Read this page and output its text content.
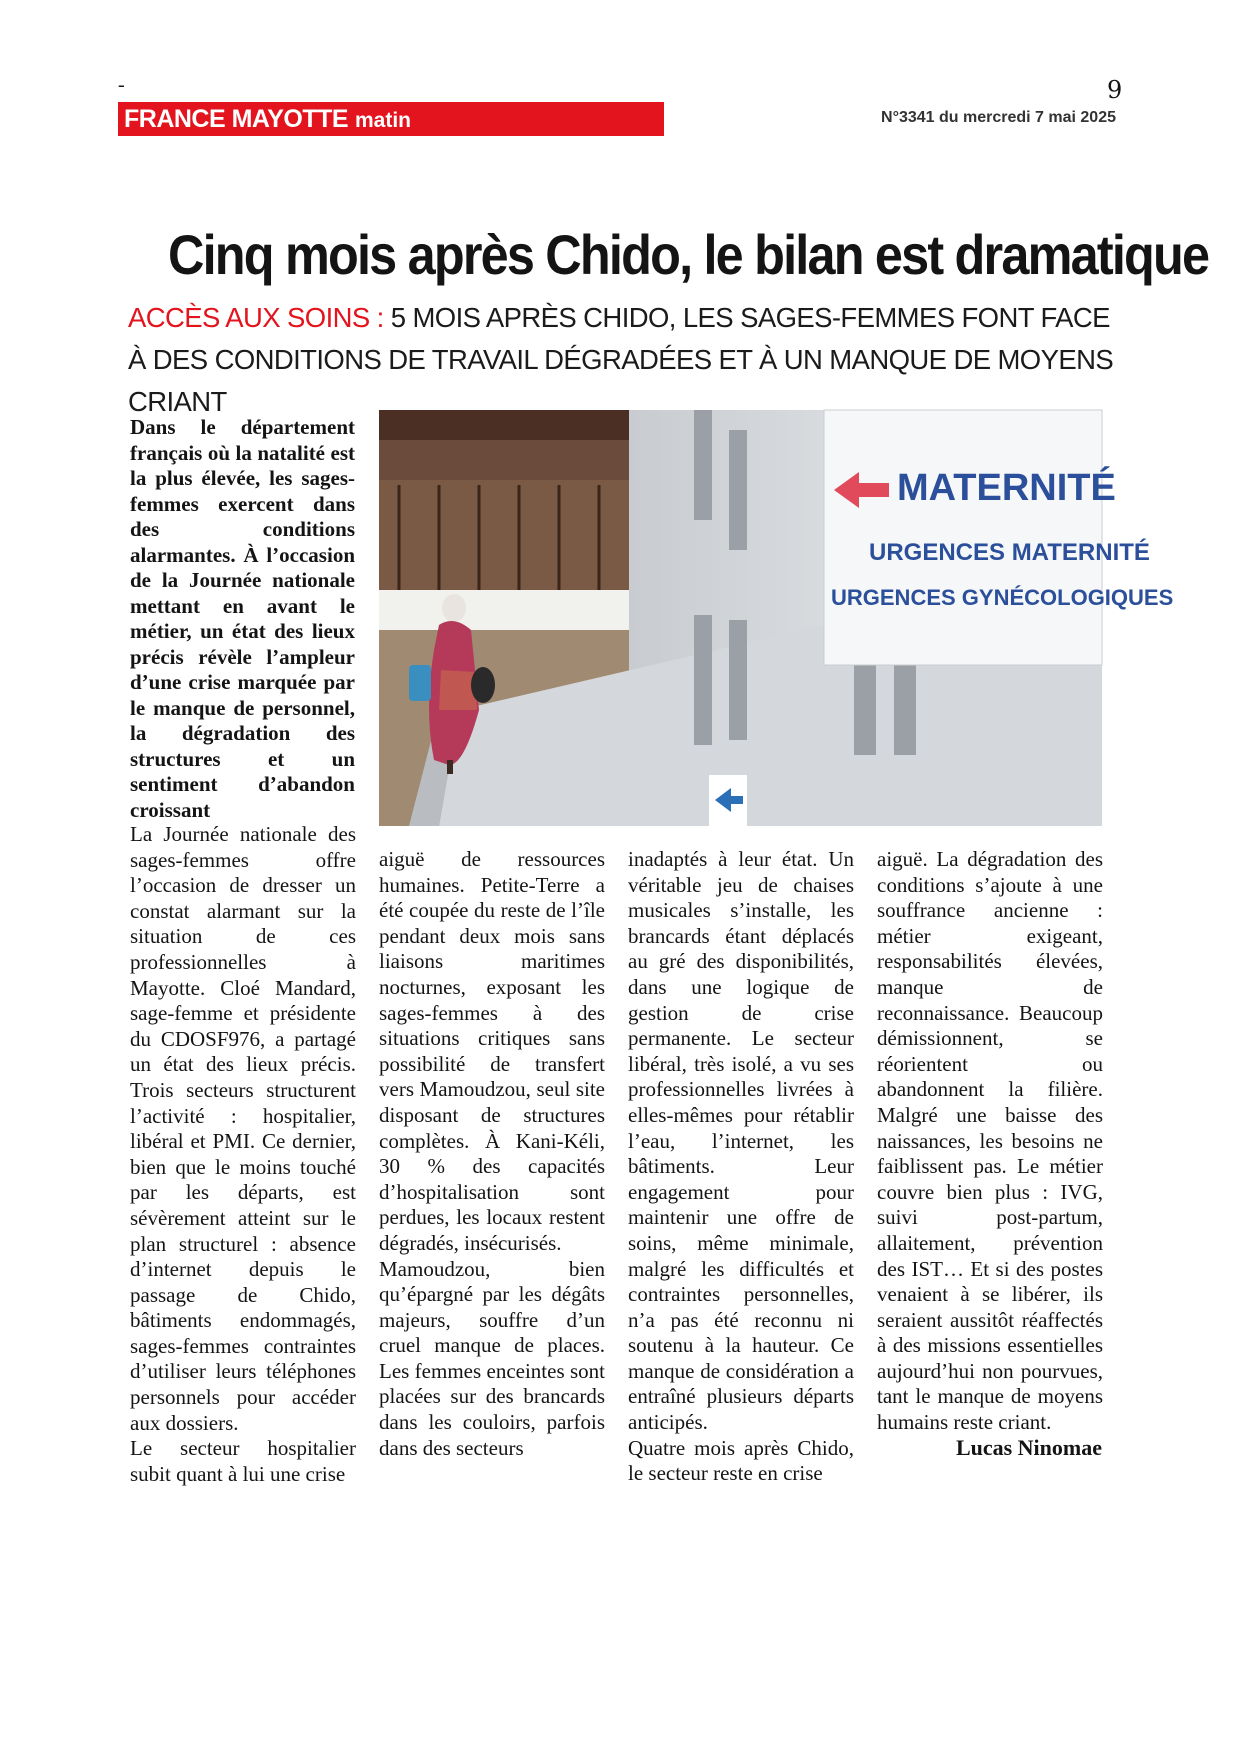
-	9
FRANCE MAYOTTE matin	N°3341 du mercredi 7 mai 2025
Cinq mois après Chido, le bilan est dramatique
ACCÈS AUX SOINS : 5 MOIS APRÈS CHIDO, LES SAGES-FEMMES FONT FACE À DES CONDITIONS DE TRAVAIL DÉGRADÉES ET À UN MANQUE DE MOYENS CRIANT
Dans le département français où la natalité est la plus élevée, les sages-femmes exercent dans des conditions alarmantes. À l’occasion de la Journée nationale mettant en avant le métier, un état des lieux précis révèle l’ampleur d’une crise marquée par le manque de personnel, la dégradation des structures et un sentiment d’abandon croissant
MATERNITÉ
URGENCES MATERNITÉ
URGENCES GYNÉCOLOGIQUES

La Journée nationale des sages-femmes offre l’occasion de dresser un constat alarmant sur la situation de ces professionnelles à Mayotte. Cloé Mandard, sage-femme et présidente du CDOSF976, a partagé un état des lieux précis. Trois secteurs structurent l’activité : hospitalier, libéral et PMI. Ce dernier, bien que le moins touché par les départs, est sévèrement atteint sur le plan structurel : absence d’internet depuis le passage de Chido, bâtiments endommagés, sages-femmes contraintes d’utiliser leurs téléphones personnels pour accéder aux dossiers.

Le secteur hospitalier subit quant à lui une crise

aiguë de ressources humaines. Petite-Terre a été coupée du reste de l’île pendant deux mois sans liaisons maritimes nocturnes, exposant les sages-femmes à des situations critiques sans possibilité de transfert vers Mamoudzou, seul site disposant de structures complètes. À Kani-Kéli, 30 % des capacités d’hospitalisation sont perdues, les locaux restent dégradés, insécurisés.

Mamoudzou, bien qu’épargné par les dégâts majeurs, souffre d’un cruel manque de places. Les femmes enceintes sont placées sur des brancards dans les couloirs, parfois dans des secteurs

inadaptés à leur état. Un véritable jeu de chaises musicales s’installe, les brancards étant déplacés au gré des disponibilités, dans une logique de gestion de crise permanente. Le secteur libéral, très isolé, a vu ses professionnelles livrées à elles-mêmes pour rétablir l’eau, l’internet, les bâtiments. Leur engagement pour maintenir une offre de soins, même minimale, malgré les difficultés et contraintes personnelles, n’a pas été reconnu ni soutenu à la hauteur. Ce manque de considération a entraîné plusieurs départs anticipés.

Quatre mois après Chido, le secteur reste en crise

aiguë. La dégradation des conditions s’ajoute à une souffrance ancienne : métier exigeant, responsabilités élevées, manque de reconnaissance. Beaucoup démissionnent, se réorientent ou abandonnent la filière. Malgré une baisse des naissances, les besoins ne faiblissent pas. Le métier couvre bien plus : IVG, suivi post-partum, allaitement, prévention des IST… Et si des postes venaient à se libérer, ils seraient aussitôt réaffectés à des missions essentielles aujourd’hui non pourvues, tant le manque de moyens humains reste criant.

Lucas Ninomae
